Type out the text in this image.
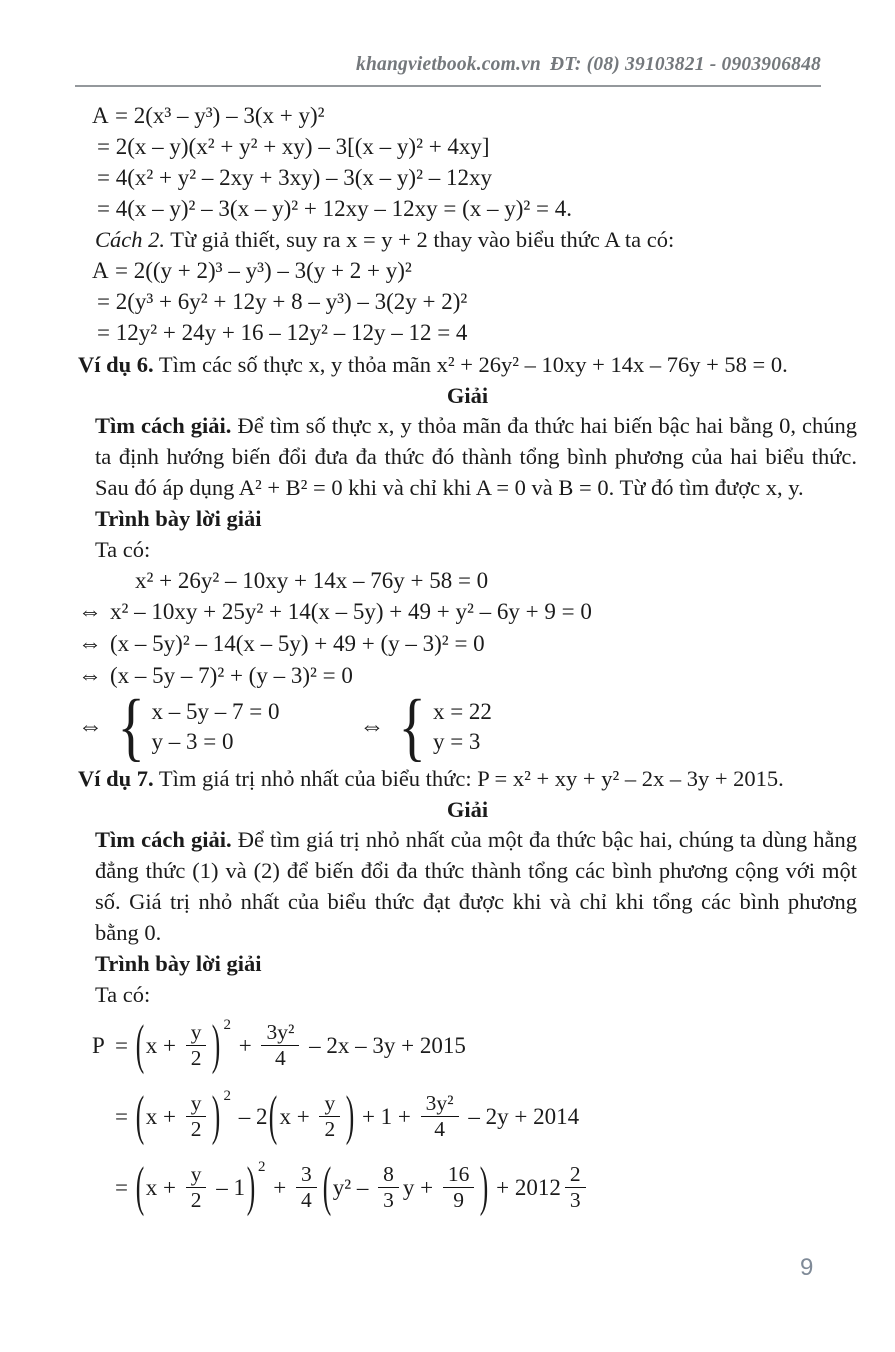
khangvietbook.com.vn ĐT: (08) 39103821 - 0903906848
A = 2(x³ – y³) – 3(x + y)²
= 2(x – y)(x² + y² + xy) – 3[(x – y)² + 4xy]
= 4(x² + y² – 2xy + 3xy) – 3(x – y)² – 12xy
= 4(x – y)² – 3(x – y)² + 12xy – 12xy = (x – y)² = 4.
Cách 2. Từ giả thiết, suy ra x = y + 2 thay vào biểu thức A ta có:
A = 2((y + 2)³ – y³) – 3(y + 2 + y)²
= 2(y³ + 6y² + 12y + 8 – y³) – 3(2y + 2)²
= 12y² + 24y + 16 – 12y² – 12y – 12 = 4
Ví dụ 6. Tìm các số thực x, y thỏa mãn x² + 26y² – 10xy + 14x – 76y + 58 = 0.
Giải
Tìm cách giải. Để tìm số thực x, y thỏa mãn đa thức hai biến bậc hai bằng 0, chúng ta định hướng biến đổi đưa đa thức đó thành tổng bình phương của hai biểu thức. Sau đó áp dụng A² + B² = 0 khi và chỉ khi A = 0 và B = 0. Từ đó tìm được x, y.
Trình bày lời giải
Ta có:
x² + 26y² – 10xy + 14x – 76y + 58 = 0
⇔ x² – 10xy + 25y² + 14(x – 5y) + 49 + y² – 6y + 9 = 0
⇔ (x – 5y)² – 14(x – 5y) + 49 + (y – 3)² = 0
⇔ (x – 5y – 7)² + (y – 3)² = 0
⇔ { x – 5y – 7 = 0
y – 3 = 0
⇔ { x = 22
y = 3
Ví dụ 7. Tìm giá trị nhỏ nhất của biểu thức: P = x² + xy + y² – 2x – 3y + 2015.
Giải
Tìm cách giải. Để tìm giá trị nhỏ nhất của một đa thức bậc hai, chúng ta dùng hằng đẳng thức (1) và (2) để biến đổi đa thức thành tổng các bình phương cộng với một số. Giá trị nhỏ nhất của biểu thức đạt được khi và chỉ khi tổng các bình phương bằng 0.
Trình bày lời giải
Ta có:
P = ( $x + \frac{y}{2}$ ) 2
+ $\frac{\text{3y²}}{4} - 2x - 3y + 2015$
= ( $x + \frac{y}{2}$ ) 2
– 2 ( $x + \frac{y}{2}$ ) + $1 + \frac{\text{3y²}}{4} - 2y + 2014$
= ( $x + \frac{y}{2} - 1$ ) 2
+ $\frac{3}{4}$ ( $y^2 - \frac{8}{3}$ $y + \frac{16}{9}$ ) + $2012 \frac{2}{3}$
9
